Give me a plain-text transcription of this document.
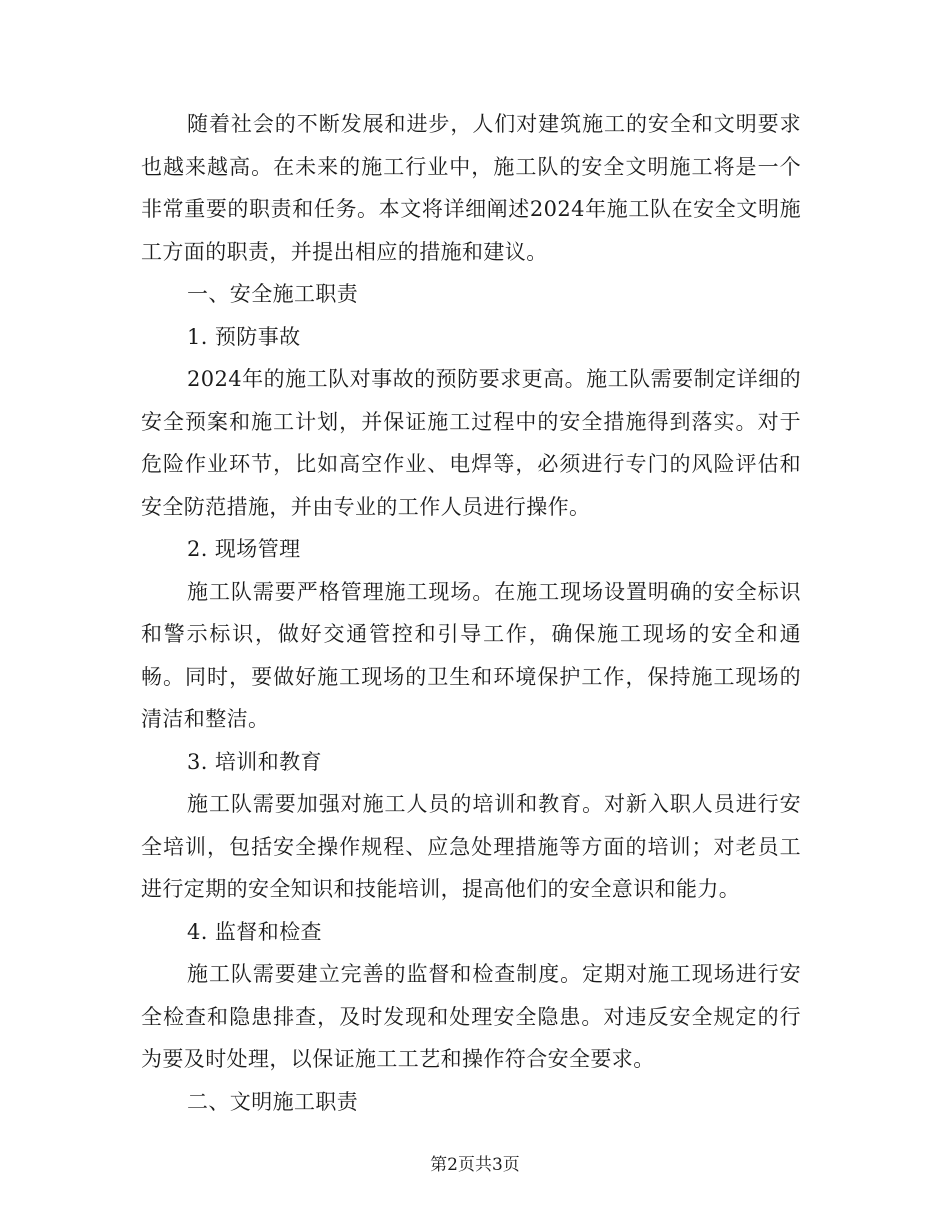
随着社会的不断发展和进步，人们对建筑施工的安全和文明要求也越来越高。在未来的施工行业中，施工队的安全文明施工将是一个非常重要的职责和任务。本文将详细阐述2024年施工队在安全文明施工方面的职责，并提出相应的措施和建议。

一、安全施工职责

1. 预防事故

2024年的施工队对事故的预防要求更高。施工队需要制定详细的安全预案和施工计划，并保证施工过程中的安全措施得到落实。对于危险作业环节，比如高空作业、电焊等，必须进行专门的风险评估和安全防范措施，并由专业的工作人员进行操作。

2. 现场管理

施工队需要严格管理施工现场。在施工现场设置明确的安全标识和警示标识，做好交通管控和引导工作，确保施工现场的安全和通畅。同时，要做好施工现场的卫生和环境保护工作，保持施工现场的清洁和整洁。

3. 培训和教育

施工队需要加强对施工人员的培训和教育。对新入职人员进行安全培训，包括安全操作规程、应急处理措施等方面的培训；对老员工进行定期的安全知识和技能培训，提高他们的安全意识和能力。

4. 监督和检查

施工队需要建立完善的监督和检查制度。定期对施工现场进行安全检查和隐患排查，及时发现和处理安全隐患。对违反安全规定的行为要及时处理，以保证施工工艺和操作符合安全要求。

二、文明施工职责

第2页共3页
